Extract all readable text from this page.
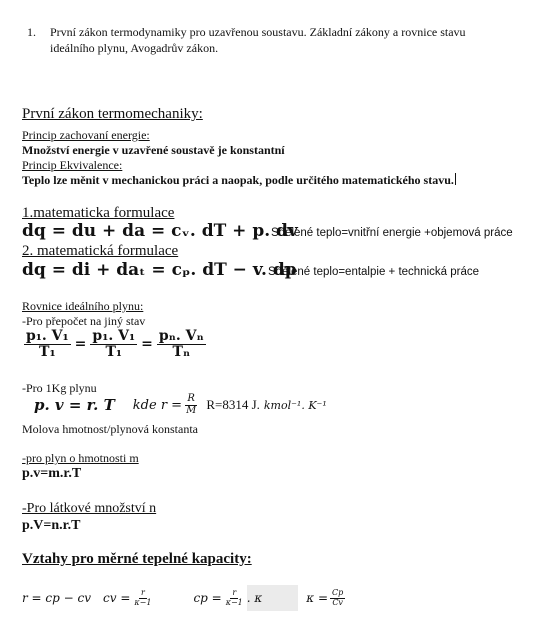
1. První zákon termodynamiky pro uzavřenou soustavu. Základní zákony a rovnice stavu
ideálního plynu, Avogadrův zákon.
První zákon termomechaniky:
Princip zachovaní energie:
Množství energie v uzavřené soustavě je konstantní
Princip Ekvivalence:
Teplo lze měnit v mechanickou práci a naopak, podle určitého matematického stavu.
1.matematicka formulace
dq = du + da = cᵥ. dT + p. dv
Sdělené teplo=vnitřní energie +objemová práce
2. matematická formulace
dq = di + daₜ = cₚ. dT − v. dp
Sdělené teplo=entalpie + technická práce
Rovnice ideálního plynu:
-Pro přepočet na jiný stav
$\frac{\text{p₁. V₁}}{\text{T₁}} = \frac{\text{p₁. V₁}}{\text{T₁}} = \frac{\text{pₙ. Vₙ}}{\text{Tₙ}}$
-Pro 1Kg plynu
p. v = r. T kde $r = \frac{R}{M} R=8314$ J. kmol⁻¹. K⁻¹
Molova hmotnost/plynová konstanta
-pro plyn o hmotnosti m
p.v=m.r.T
-Pro látkové množství n
p.V=n.r.T
Vztahy pro měrné tepelné kapacity:
r = cp − cv cv = $\frac{r}{\kappa-1}$	cp = $\frac{r}{\kappa-1}$ . κ	$\kappa = \frac{Cp}{Cv}$
